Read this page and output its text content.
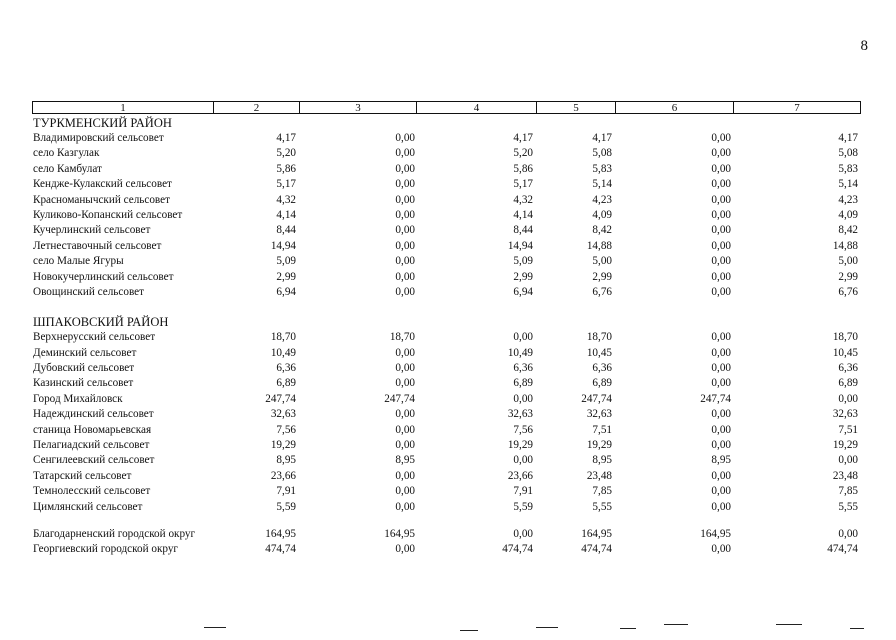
8
1	2	3	4	5	6	7
ТУРКМЕНСКИЙ РАЙОН
Владимировский сельсовет	4,17	0,00	4,17	4,17	0,00	4,17
село Казгулак	5,20	0,00	5,20	5,08	0,00	5,08
село Камбулат	5,86	0,00	5,86	5,83	0,00	5,83
Кендже-Кулакский сельсовет	5,17	0,00	5,17	5,14	0,00	5,14
Красноманычский сельсовет	4,32	0,00	4,32	4,23	0,00	4,23
Куликово-Копанский сельсовет	4,14	0,00	4,14	4,09	0,00	4,09
Кучерлинский сельсовет	8,44	0,00	8,44	8,42	0,00	8,42
Летнеставочный сельсовет	14,94	0,00	14,94	14,88	0,00	14,88
село Малые Ягуры	5,09	0,00	5,09	5,00	0,00	5,00
Новокучерлинский сельсовет	2,99	0,00	2,99	2,99	0,00	2,99
Овощинский сельсовет	6,94	0,00	6,94	6,76	0,00	6,76
ШПАКОВСКИЙ РАЙОН
Верхнерусский сельсовет	18,70	18,70	0,00	18,70	0,00	18,70
Деминский сельсовет	10,49	0,00	10,49	10,45	0,00	10,45
Дубовский сельсовет	6,36	0,00	6,36	6,36	0,00	6,36
Казинский сельсовет	6,89	0,00	6,89	6,89	0,00	6,89
Город Михайловск	247,74	247,74	0,00	247,74	247,74	0,00
Надеждинский сельсовет	32,63	0,00	32,63	32,63	0,00	32,63
станица Новомарьевская	7,56	0,00	7,56	7,51	0,00	7,51
Пелагиадский сельсовет	19,29	0,00	19,29	19,29	0,00	19,29
Сенгилеевский сельсовет	8,95	8,95	0,00	8,95	8,95	0,00
Татарский сельсовет	23,66	0,00	23,66	23,48	0,00	23,48
Темнолесский сельсовет	7,91	0,00	7,91	7,85	0,00	7,85
Цимлянский сельсовет	5,59	0,00	5,59	5,55	0,00	5,55
Благодарненский городской округ	164,95	164,95	0,00	164,95	164,95	0,00
Георгиевский городской округ	474,74	0,00	474,74	474,74	0,00	474,74
